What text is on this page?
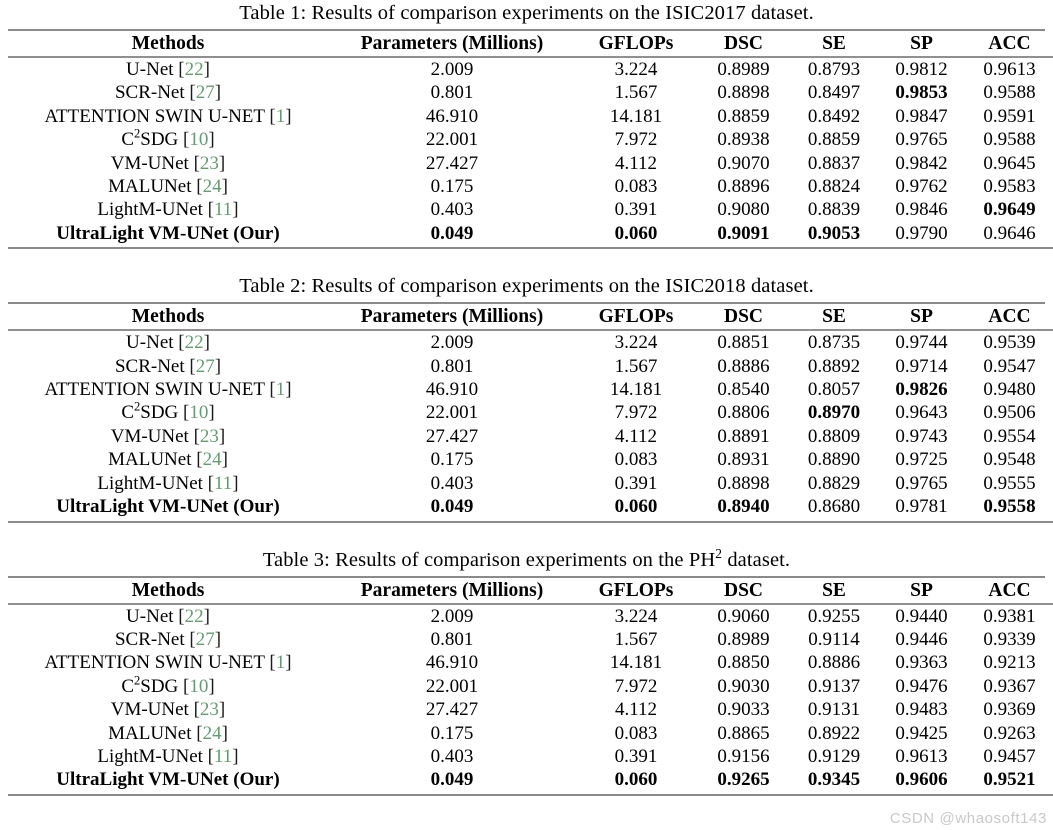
Table 1: Results of comparison experiments on the ISIC2017 dataset.
Methods	Parameters (Millions)	GFLOPs	DSC	SE	SP	ACC

U-Net [22]	2.009	3.224	0.8989	0.8793	0.9812	0.9613
SCR-Net [27]	0.801	1.567	0.8898	0.8497	0.9853	0.9588
ATTENTION SWIN U-NET [1]	46.910	14.181	0.8859	0.8492	0.9847	0.9591
$C^2SDG$ [10]	22.001	7.972	0.8938	0.8859	0.9765	0.9588
VM-UNet [23]	27.427	4.112	0.9070	0.8837	0.9842	0.9645
MALUNet [24]	0.175	0.083	0.8896	0.8824	0.9762	0.9583
LightM-UNet [11]	0.403	0.391	0.9080	0.8839	0.9846	0.9649
UltraLight VM-UNet (Our)	0.049	0.060	0.9091	0.9053	0.9790	0.9646

Table 2: Results of comparison experiments on the ISIC2018 dataset.
Methods	Parameters (Millions)	GFLOPs	DSC	SE	SP	ACC

U-Net [22]	2.009	3.224	0.8851	0.8735	0.9744	0.9539
SCR-Net [27]	0.801	1.567	0.8886	0.8892	0.9714	0.9547
ATTENTION SWIN U-NET [1]	46.910	14.181	0.8540	0.8057	0.9826	0.9480
$C^2SDG$ [10]	22.001	7.972	0.8806	0.8970	0.9643	0.9506
VM-UNet [23]	27.427	4.112	0.8891	0.8809	0.9743	0.9554
MALUNet [24]	0.175	0.083	0.8931	0.8890	0.9725	0.9548
LightM-UNet [11]	0.403	0.391	0.8898	0.8829	0.9765	0.9555
UltraLight VM-UNet (Our)	0.049	0.060	0.8940	0.8680	0.9781	0.9558

Table 3: Results of comparison experiments on the $PH^2$ dataset.
Methods	Parameters (Millions)	GFLOPs	DSC	SE	SP	ACC

U-Net [22]	2.009	3.224	0.9060	0.9255	0.9440	0.9381
SCR-Net [27]	0.801	1.567	0.8989	0.9114	0.9446	0.9339
ATTENTION SWIN U-NET [1]	46.910	14.181	0.8850	0.8886	0.9363	0.9213
$C^2SDG$ [10]	22.001	7.972	0.9030	0.9137	0.9476	0.9367
VM-UNet [23]	27.427	4.112	0.9033	0.9131	0.9483	0.9369
MALUNet [24]	0.175	0.083	0.8865	0.8922	0.9425	0.9263
LightM-UNet [11]	0.403	0.391	0.9156	0.9129	0.9613	0.9457
UltraLight VM-UNet (Our)	0.049	0.060	0.9265	0.9345	0.9606	0.9521

CSDN @whaosoft143
